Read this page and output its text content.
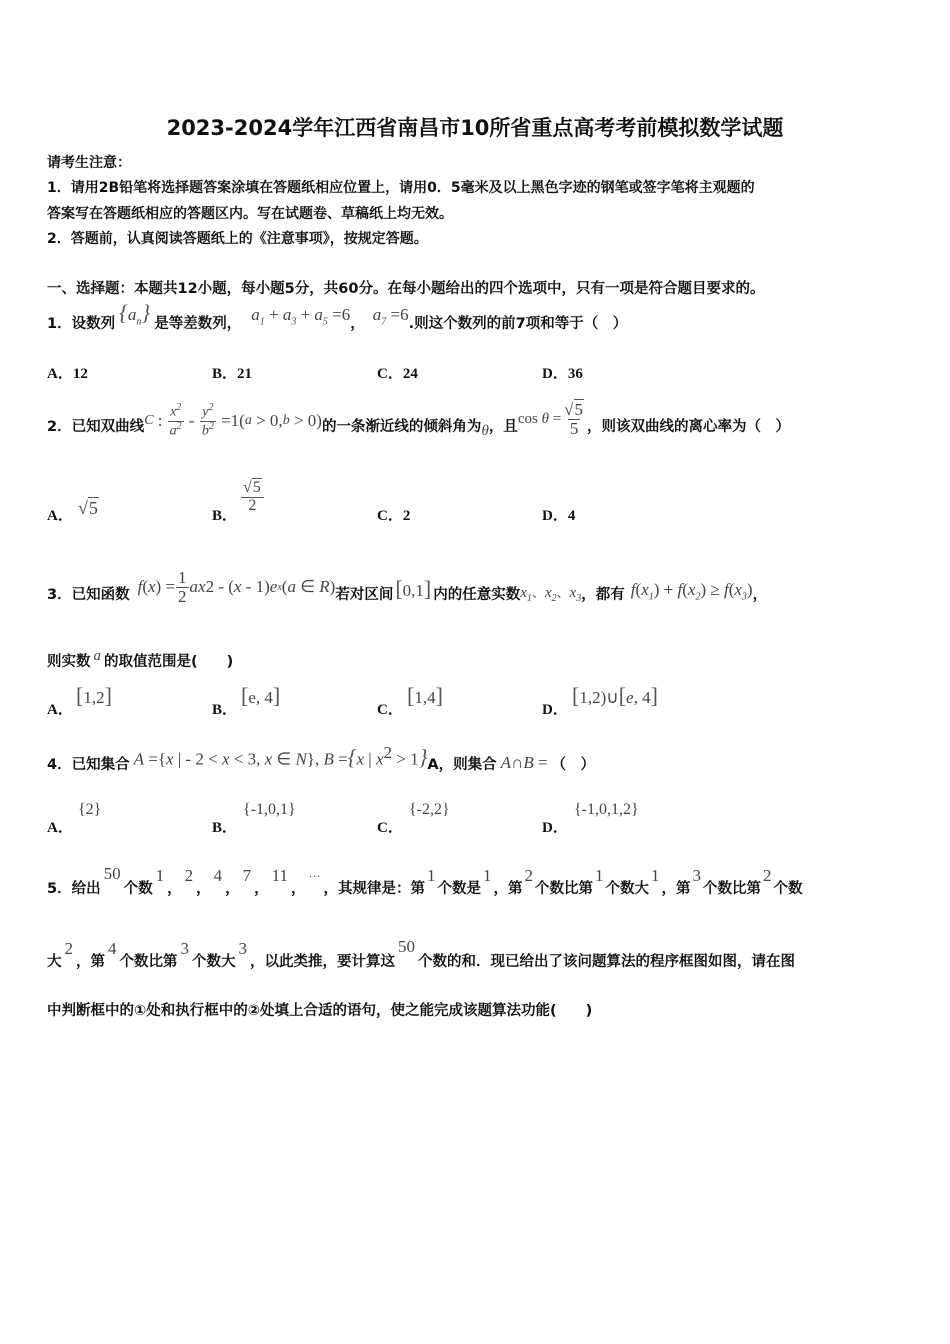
2023-2024学年江西省南昌市10所省重点高考考前模拟数学试题
请考生注意：
1．请用2B铅笔将选择题答案涂填在答题纸相应位置上，请用0．5毫米及以上黑色字迹的钢笔或签字笔将主观题的
答案写在答题纸相应的答题区内。写在试题卷、草稿纸上均无效。
2．答题前，认真阅读答题纸上的《注意事项》，按规定答题。
一、选择题：本题共12小题，每小题5分，共60分。在每小题给出的四个选项中，只有一项是符合题目要求的。
1． 设数列 $\{a_n\}$ 是等差数列， $a_1 + a_3 + a_5 =6$ ， $a_7 =6$ .则这个数列的前7项和等于（　）
A．12	B．21	C．24	D．36
2． 已知双曲线 C : $\frac{x^2}{a^2} - \frac{y^2}{b^2} =1$( a > 0, b > 0) 的一条渐近线的倾斜角为 θ ，且 $\cos \theta = \frac{√5}{5}$ ，则该双曲线的离心率为（　）
A． √5	B．
$\frac{√5}{2}$
C．2	D．4
3． 已知函数 f ( x ) = $\frac{1}{2}$ ax 2 - ( x - 1) e x ( a ∈ R ) 若对区间 [0,1] 内的任意实数 $x_1$、$x_2$、$x_3$ ，都有 $f(x_1) + f(x_2) \ge f(x_3)$ ，
则实数 a 的取值范围是(　　)
A．
[1,2]
B．
[e, 4]
C．
[1,4]
D．
[1,2)∪[e, 4]
4． 已知集合 A ={x | - 2 < x < 3, x ∈ N}, B ={x | $x^2 > 1$} A，则集合 A∩B = （　）
A．
{2}
B．
{-1,0,1}
C．
{-2,2}
D．
{-1,0,1,2}
5． 给出
50
个数
1
，
2
，
4
，
7
，
11
，
···
，其规律是：第
1
个数是
1
，第
2
个数比第
1
个数大
1
，第
3
个数比第
2
个数
大
2
，第
4
个数比第
3
个数大
3
，以此类推，要计算这
50
个数的和．现已给出了该问题算法的程序框图如图，请在图
中判断框中的①处和执行框中的②处填上合适的语句，使之能完成该题算法功能(　　)
